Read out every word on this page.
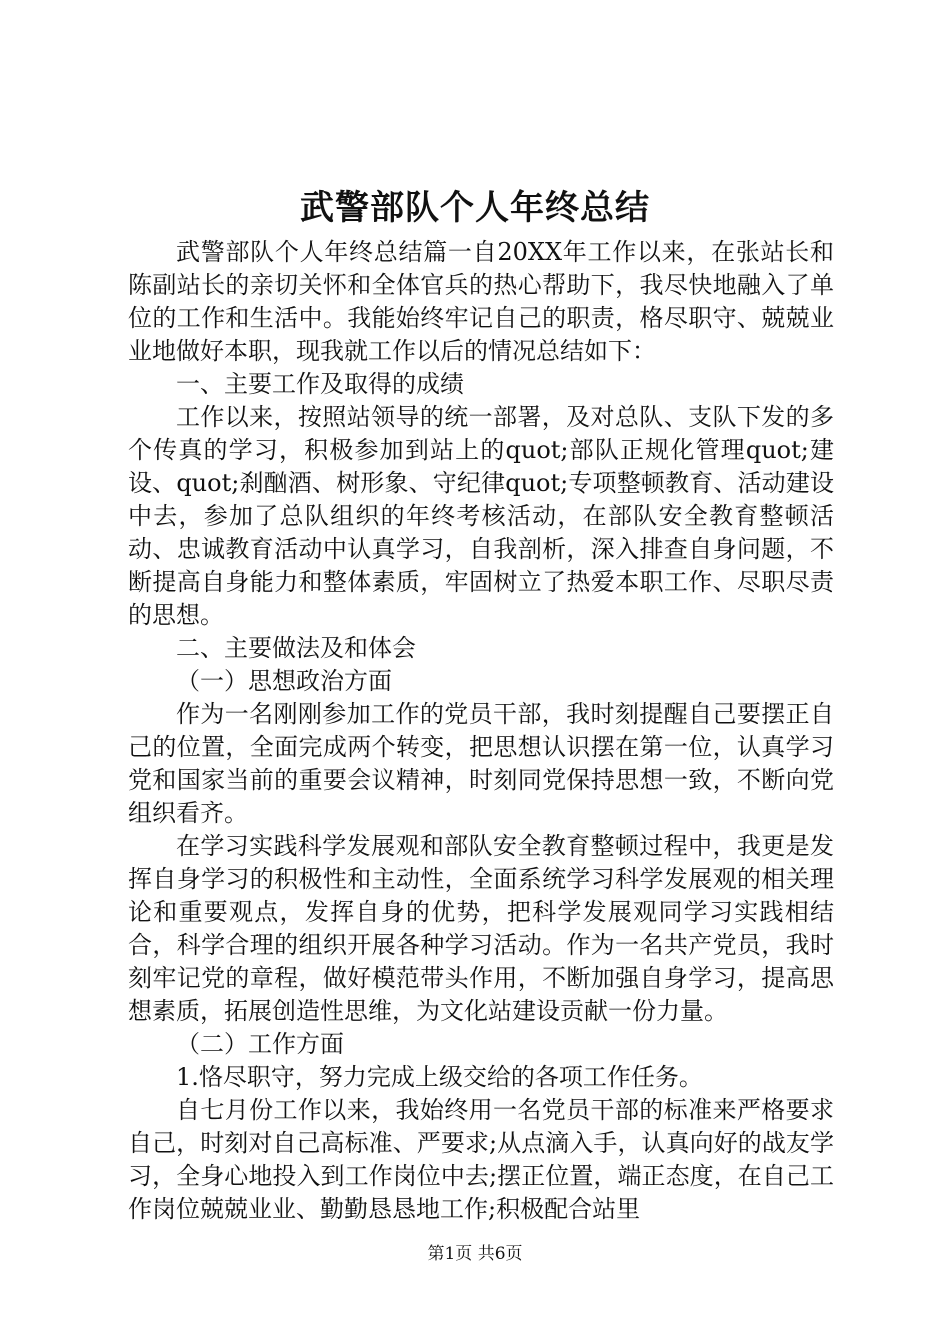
武警部队个人年终总结

武警部队个人年终总结篇一自20XX年工作以来，在张站长和陈副站长的亲切关怀和全体官兵的热心帮助下，我尽快地融入了单位的工作和生活中。我能始终牢记自己的职责，格尽职守、兢兢业业地做好本职，现我就工作以后的情况总结如下：

一、主要工作及取得的成绩

工作以来，按照站领导的统一部署，及对总队、支队下发的多个传真的学习，积极参加到站上的quot;部队正规化管理quot;建设、quot;刹酗酒、树形象、守纪律quot;专项整顿教育、活动建设中去，参加了总队组织的年终考核活动，在部队安全教育整顿活动、忠诚教育活动中认真学习，自我剖析，深入排查自身问题，不断提高自身能力和整体素质，牢固树立了热爱本职工作、尽职尽责的思想。

二、主要做法及和体会

（一）思想政治方面

作为一名刚刚参加工作的党员干部，我时刻提醒自己要摆正自己的位置，全面完成两个转变，把思想认识摆在第一位，认真学习党和国家当前的重要会议精神，时刻同党保持思想一致，不断向党组织看齐。

在学习实践科学发展观和部队安全教育整顿过程中，我更是发挥自身学习的积极性和主动性，全面系统学习科学发展观的相关理论和重要观点，发挥自身的优势，把科学发展观同学习实践相结合，科学合理的组织开展各种学习活动。作为一名共产党员，我时刻牢记党的章程，做好模范带头作用，不断加强自身学习，提高思想素质，拓展创造性思维，为文化站建设贡献一份力量。

（二）工作方面

1.恪尽职守，努力完成上级交给的各项工作任务。

自七月份工作以来，我始终用一名党员干部的标准来严格要求自己，时刻对自己高标准、严要求;从点滴入手，认真向好的战友学习，全身心地投入到工作岗位中去;摆正位置，端正态度，在自己工作岗位兢兢业业、勤勤恳恳地工作;积极配合站里

第1页 共6页
